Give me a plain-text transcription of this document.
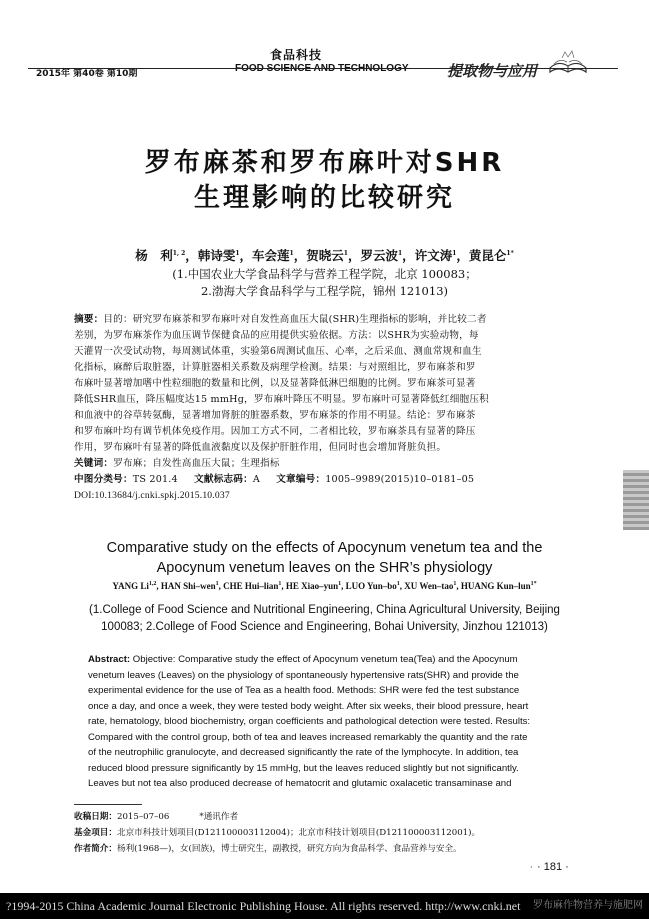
食品科技
FOOD SCIENCE AND TECHNOLOGY
2015年 第40卷 第10期	提取物与应用
罗布麻茶和罗布麻叶对SHR
生理影响的比较研究
杨　利$^{1, 2}$，韩诗雯$^1$，车会莲$^1$，贺晓云$^1$，罗云波$^1$，许文涛$^1$，黄昆仑$^{1*}$
(1.中国农业大学食品科学与营养工程学院，北京 100083；
2.渤海大学食品科学与工程学院，锦州 121013)
摘要：目的：研究罗布麻茶和罗布麻叶对自发性高血压大鼠(SHR)生理指标的影响，并比较二者
差别，为罗布麻茶作为血压调节保健食品的应用提供实验依据。方法：以SHR为实验动物，每
天灌胃一次受试动物，每周测试体重，实验第6周测试血压、心率，之后采血、测血常规和血生
化指标，麻醉后取脏器，计算脏器相关系数及病理学检测。结果：与对照组比，罗布麻茶和罗
布麻叶显著增加嗜中性粒细胞的数量和比例，以及显著降低淋巴细胞的比例。罗布麻茶可显著
降低SHR血压，降压幅度达15 mmHg，罗布麻叶降压不明显。罗布麻叶可显著降低红细胞压积
和血液中的谷草转氨酶，显著增加肾脏的脏器系数，罗布麻茶的作用不明显。结论：罗布麻茶
和罗布麻叶均有调节机体免疫作用。因加工方式不同，二者相比较，罗布麻茶具有显著的降压
作用，罗布麻叶有显著的降低血液黏度以及保护肝脏作用，但同时也会增加肾脏负担。
关键词：罗布麻；自发性高血压大鼠；生理指标
中图分类号：TS 201.4 文献标志码：A 文章编号：1005–9989(2015)10–0181–05
DOI:10.13684/j.cnki.spkj.2015.10.037
Comparative study on the effects of Apocynum venetum tea and the
Apocynum venetum leaves on the SHR’s physiology
YANG Li$^{1,2}$, HAN Shi–wen$^1$, CHE Hui–lian$^1$, HE Xiao–yun$^1$, LUO Yun–$bo^1$, XU Wen–tao$^1$, HUANG Kun–lun$^{1*}$
(1.College of Food Science and Nutritional Engineering, China Agricultural University, Beijing
100083; 2.College of Food Science and Engineering, Bohai University, Jinzhou 121013)
Abstract: Objective: Comparative study the effect of Apocynum venetum tea(Tea) and the Apocynum
venetum leaves (Leaves) on the physiology of spontaneously hypertensive rats(SHR) and provide the
experimental evidence for the use of Tea as a health food. Methods: SHR were fed the test substance
once a day, and once a week, they were tested body weight. After six weeks, their blood pressure, heart
rate, hematology, blood biochemistry, organ coefficients and pathological detection were tested. Results:
Compared with the control group, both of tea and leaves increased remarkably the quantity and the rate
of the neutrophilic granulocyte, and decreased significantly the rate of the lymphocyte. In addition, tea
reduced blood pressure significantly by 15 mmHg, but the leaves reduced slightly but not significantly.
Leaves but not tea also produced decrease of hematocrit and glutamic oxalacetic transaminase and
收稿日期：2015–07–06	*通讯作者
基金项目：北京市科技计划项目(D121100003112004)；北京市科技计划项目(D121100003112001)。
作者简介：杨利(1968—)，女(回族)，博士研究生，副教授，研究方向为食品科学、食品营养与安全。
· · 181 ·
?1994-2015 China Academic Journal Electronic Publishing House. All rights reserved. http://www.cnki.net	罗布麻作物营养与施肥网
